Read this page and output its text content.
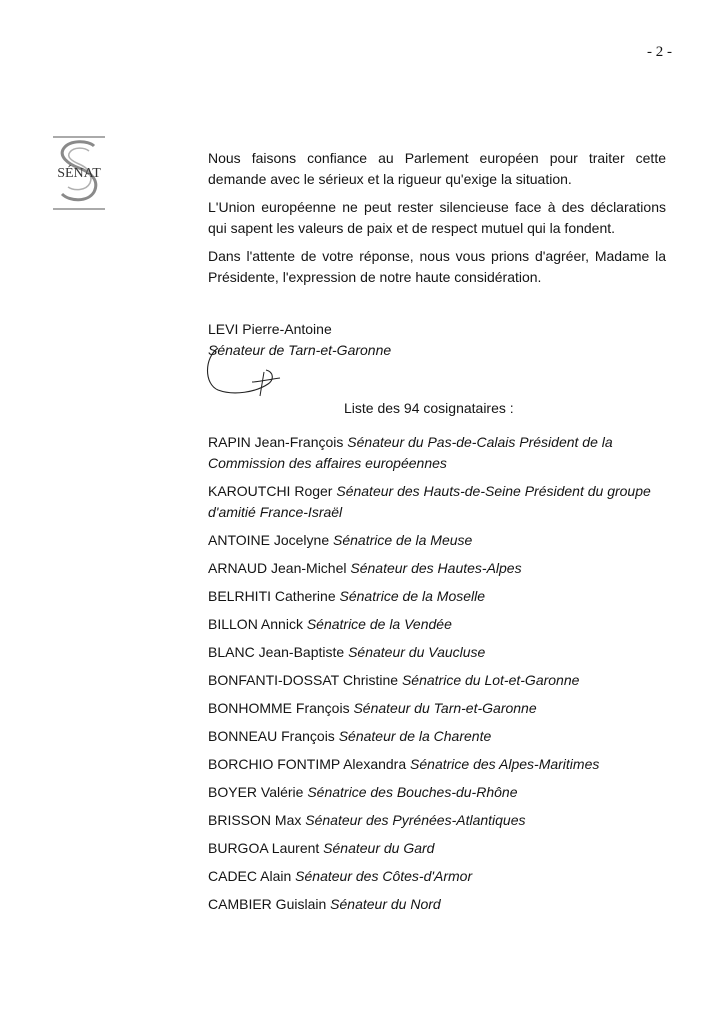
- 2 -
SÉNAT

Nous faisons confiance au Parlement européen pour traiter cette demande avec le sérieux et la rigueur qu'exige la situation.

L'Union européenne ne peut rester silencieuse face à des déclarations qui sapent les valeurs de paix et de respect mutuel qui la fondent.

Dans l'attente de votre réponse, nous vous prions d'agréer, Madame la Présidente, l'expression de notre haute considération.

LEVI Pierre-Antoine
Sénateur de Tarn-et-Garonne
Liste des 94 cosignataires :
RAPIN Jean-François Sénateur du Pas-de-Calais Président de la Commission des affaires européennes
KAROUTCHI Roger Sénateur des Hauts-de-Seine Président du groupe d'amitié France-Israël
ANTOINE Jocelyne Sénatrice de la Meuse
ARNAUD Jean-Michel Sénateur des Hautes-Alpes
BELRHITI Catherine Sénatrice de la Moselle
BILLON Annick Sénatrice de la Vendée
BLANC Jean-Baptiste Sénateur du Vaucluse
BONFANTI-DOSSAT Christine Sénatrice du Lot-et-Garonne
BONHOMME François Sénateur du Tarn-et-Garonne
BONNEAU François Sénateur de la Charente
BORCHIO FONTIMP Alexandra Sénatrice des Alpes-Maritimes
BOYER Valérie Sénatrice des Bouches-du-Rhône
BRISSON Max Sénateur des Pyrénées-Atlantiques
BURGOA Laurent Sénateur du Gard
CADEC Alain Sénateur des Côtes-d'Armor
CAMBIER Guislain Sénateur du Nord
